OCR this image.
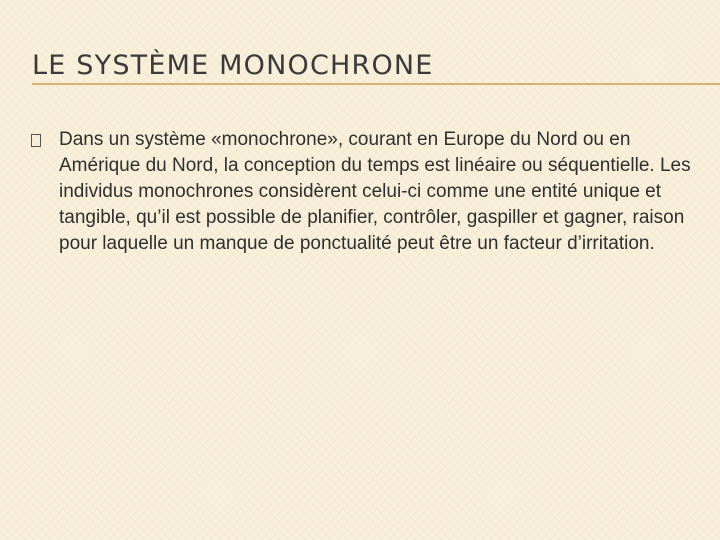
LE SYSTÈME MONOCHRONE

Dans un système «monochrone», courant en Europe du Nord ou en Amérique du Nord, la conception du temps est linéaire ou séquentielle. Les individus monochrones considèrent celui-ci comme une entité unique et tangible, qu’il est possible de planifier, contrôler, gaspiller et gagner, raison pour laquelle un manque de ponctualité peut être un facteur d’irritation.
